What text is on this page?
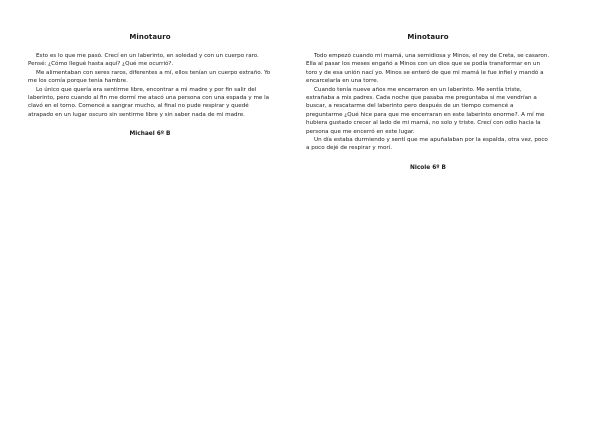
Minotauro

Esto es lo que me pasó. Crecí en un laberinto, en soledad y con un cuerpo raro. Pensé: ¿Cómo llegué hasta aquí? ¿Qué me ocurrió?.

Me alimentaban con seres raros, diferentes a mí, ellos tenían un cuerpo extraño. Yo me los comía porque tenía hambre.

Lo único que quería era sentirme libre, encontrar a mi madre y por fin salir del laberinto, pero cuando al fin me dormí me atacó una persona con una espada y me la clavó en el torno. Comencé a sangrar mucho, al final no pude respirar y quedé atrapado en un lugar oscuro sin sentirme libre y sin saber nada de mi madre.

Michael 6º B
Minotauro

Todo empezó cuando mi mamá, una semidiosa y Minos, el rey de Creta, se casaron. Ella al pasar los meses engañó a Minos con un dios que se podía transformar en un toro y de esa unión nací yo. Minos se enteró de que mi mamá le fue infiel y mandó a encarcelarla en una torre.

Cuando tenía nueve años me encerraron en un laberinto. Me sentía triste, extrañaba a mis padres. Cada noche que pasaba me preguntaba si me vendrían a buscar, a rescatarme del laberinto pero después de un tiempo comencé a preguntarme ¿Qué hice para que me encerraran en este laberinto enorme?. A mí me hubiera gustado crecer al lado de mi mamá, no solo y triste. Crecí con odio hacia la persona que me encerró en este lugar.

Un día estaba durmiendo y sentí que me apuñalaban por la espalda, otra vez, poco a poco dejé de respirar y morí.

Nicole 6º B
